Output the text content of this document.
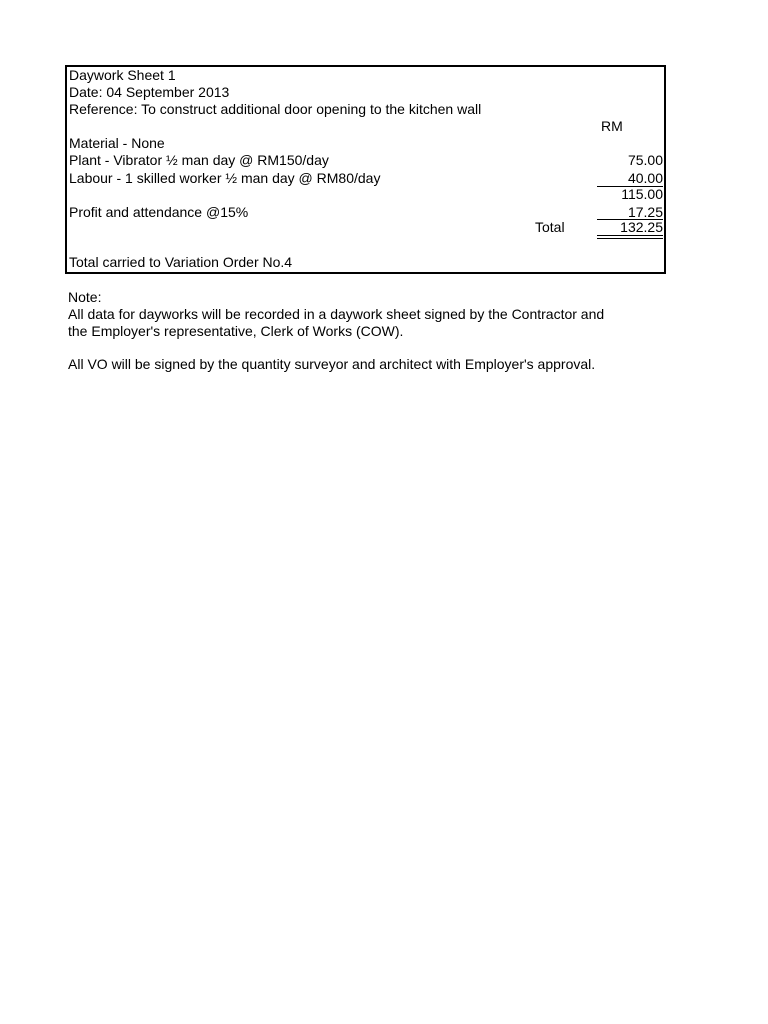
Daywork Sheet 1
Date: 04 September 2013
Reference: To construct additional door opening to the kitchen wall
RM
Material - None
Plant - Vibrator ½ man day @ RM150/day	75.00
Labour - 1 skilled worker ½ man day @ RM80/day	40.00
115.00
Profit and attendance @15%	17.25
Total	132.25
Total carried to Variation Order No.4
Note:
All data for dayworks will be recorded in a daywork sheet signed by the Contractor and
the Employer's representative, Clerk of Works (COW).
All VO will be signed by the quantity surveyor and architect with Employer's approval.
